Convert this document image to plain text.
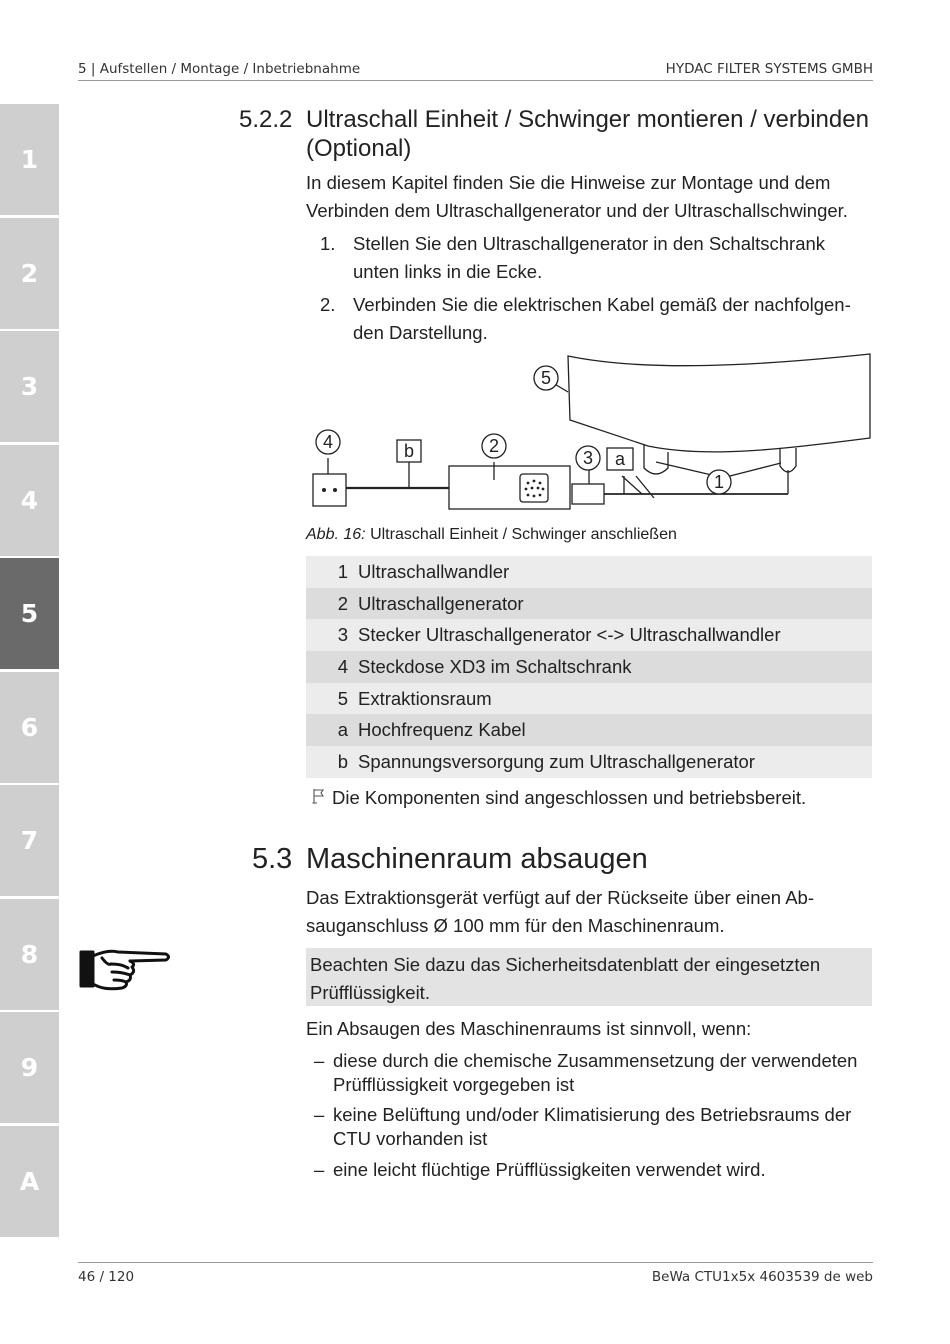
5 | Aufstellen / Montage / Inbetriebnahme	HYDAC FILTER SYSTEMS GMBH
1
2
3
4
5
6
7
8
9
A
5.2.2 Ultraschall Einheit / Schwinger montieren / verbinden (Optional)
In diesem Kapitel finden Sie die Hinweise zur Montage und dem Verbinden dem Ultraschallgenerator und der Ultraschallschwinger.
1. Stellen Sie den Ultraschallgenerator in den Schaltschrank unten links in die Ecke.
2. Verbinden Sie die elektrischen Kabel gemäß der nachfolgenden Darstellung.
5
4	b	2
3 a
1
Abb. 16: Ultraschall Einheit / Schwinger anschließen
1 Ultraschallwandler
2 Ultraschallgenerator
3 Stecker Ultraschallgenerator <-> Ultraschallwandler
4 Steckdose XD3 im Schaltschrank
5 Extraktionsraum
a Hochfrequenz Kabel
b Spannungsversorgung zum Ultraschallgenerator
Die Komponenten sind angeschlossen und betriebsbereit.
5.3 Maschinenraum absaugen
Das Extraktionsgerät verfügt auf der Rückseite über einen Absauganschluss Ø 100 mm für den Maschinenraum.
Beachten Sie dazu das Sicherheitsdatenblatt der eingesetzten Prüfflüssigkeit.
Ein Absaugen des Maschinenraums ist sinnvoll, wenn:
– diese durch die chemische Zusammensetzung der verwendeten Prüfflüssigkeit vorgegeben ist
– keine Belüftung und/oder Klimatisierung des Betriebsraums der CTU vorhanden ist
– eine leicht flüchtige Prüfflüssigkeiten verwendet wird.
46 / 120	BeWa CTU1x5x 4603539 de web
